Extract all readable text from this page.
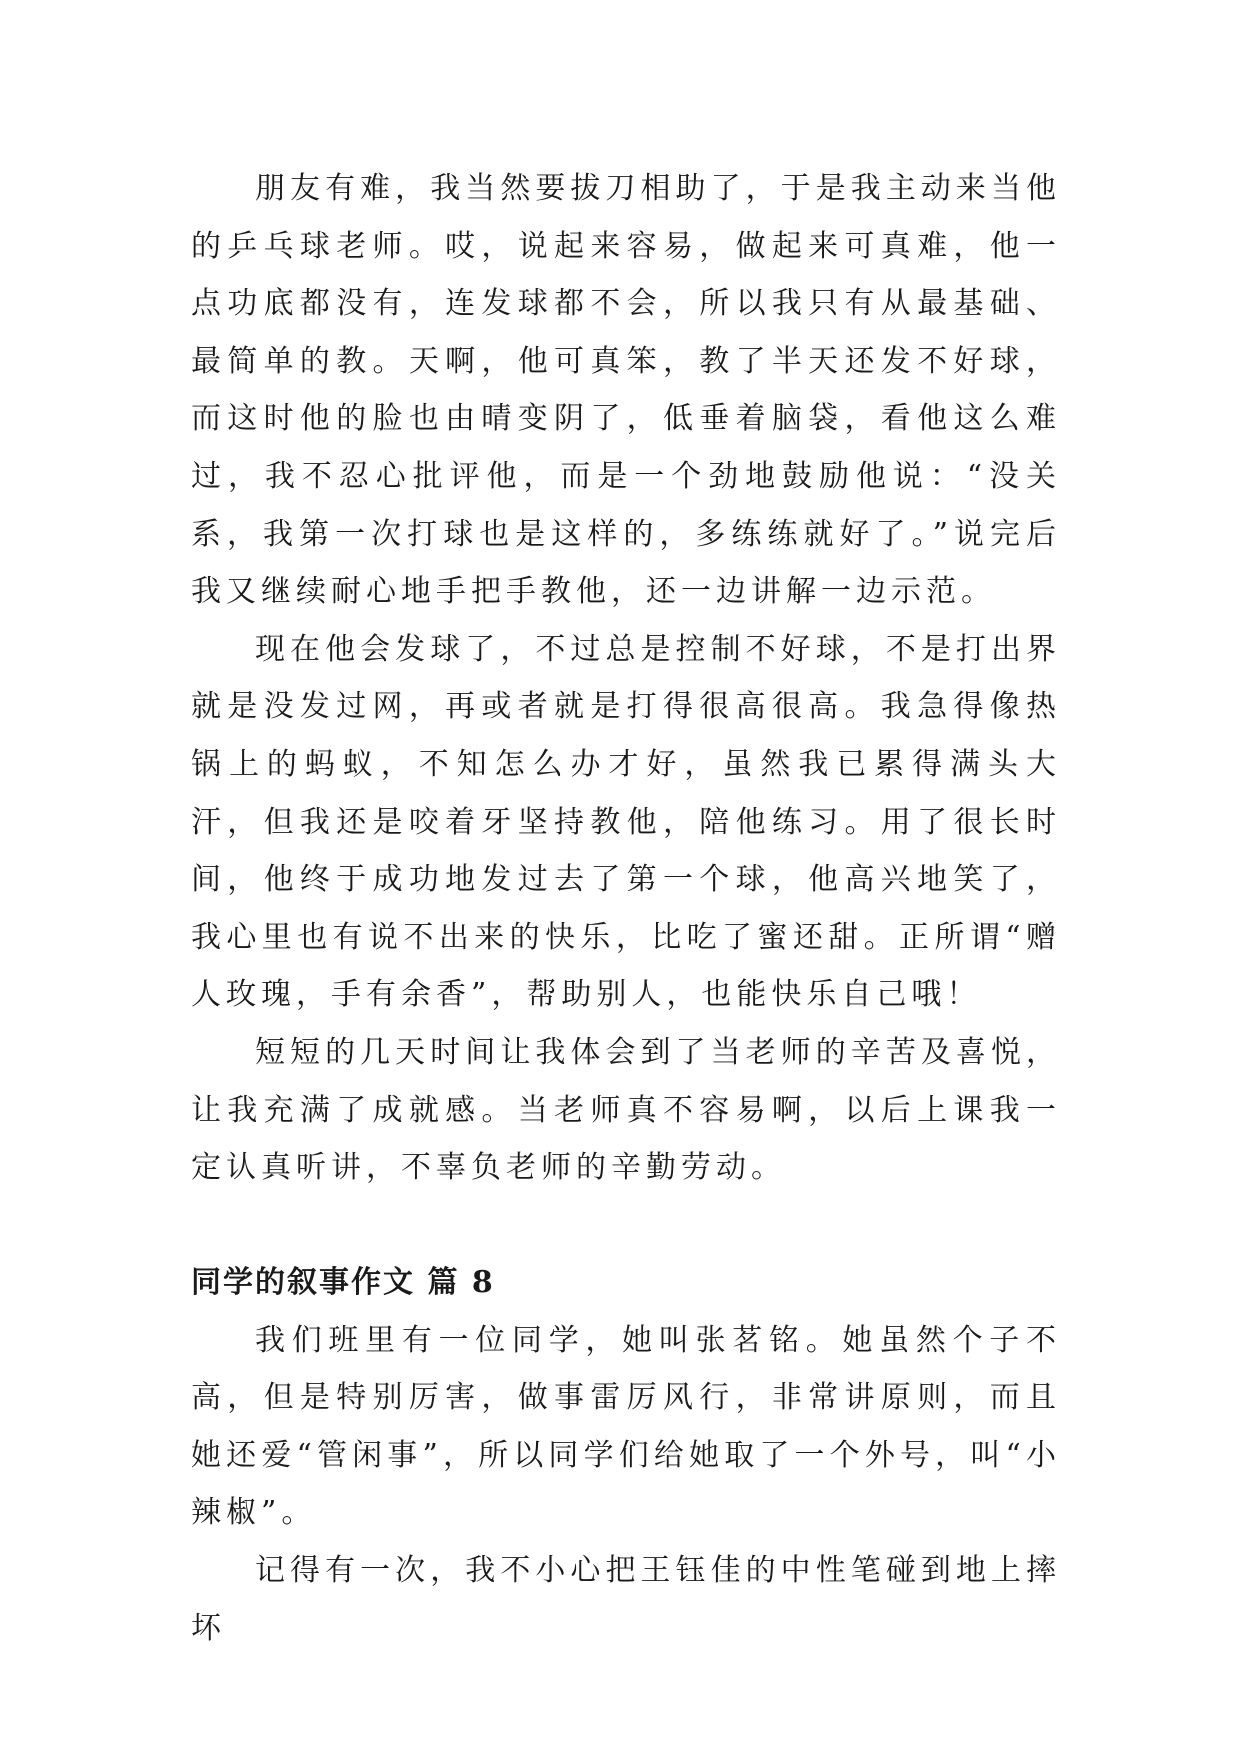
朋友有难，我当然要拔刀相助了，于是我主动来当他的乒乓球老师。哎，说起来容易，做起来可真难，他一点功底都没有，连发球都不会，所以我只有从最基础、最简单的教。天啊，他可真笨，教了半天还发不好球，而这时他的脸也由晴变阴了，低垂着脑袋，看他这么难过，我不忍心批评他，而是一个劲地鼓励他说：“没关系，我第一次打球也是这样的，多练练就好了。”说完后我又继续耐心地手把手教他，还一边讲解一边示范。

现在他会发球了，不过总是控制不好球，不是打出界就是没发过网，再或者就是打得很高很高。我急得像热锅上的蚂蚁，不知怎么办才好，虽然我已累得满头大汗，但我还是咬着牙坚持教他，陪他练习。用了很长时间，他终于成功地发过去了第一个球，他高兴地笑了，我心里也有说不出来的快乐，比吃了蜜还甜。正所谓“赠人玫瑰，手有余香”，帮助别人，也能快乐自己哦！

短短的几天时间让我体会到了当老师的辛苦及喜悦，让我充满了成就感。当老师真不容易啊，以后上课我一定认真听讲，不辜负老师的辛勤劳动。

同学的叙事作文 篇 8

我们班里有一位同学，她叫张茗铭。她虽然个子不高，但是特别厉害，做事雷厉风行，非常讲原则，而且她还爱“管闲事”，所以同学们给她取了一个外号，叫“小辣椒”。

记得有一次，我不小心把王钰佳的中性笔碰到地上摔坏
